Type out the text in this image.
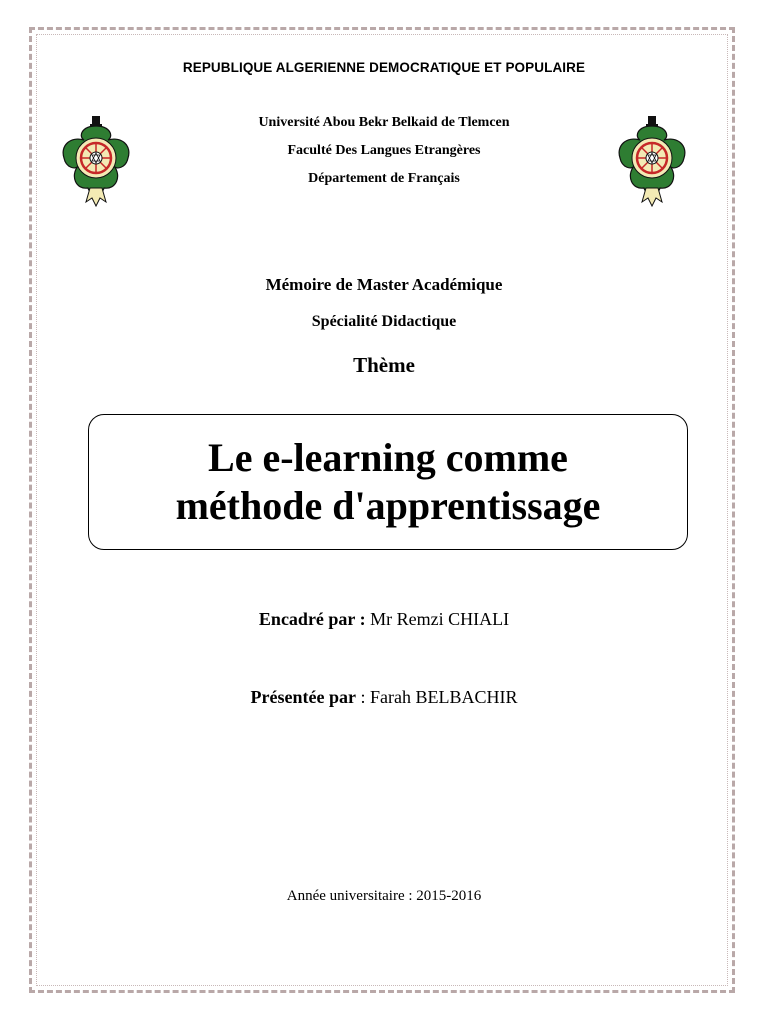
REPUBLIQUE ALGERIENNE DEMOCRATIQUE ET POPULAIRE
Université Abou Bekr Belkaid de Tlemcen
Faculté Des Langues Etrangères
Département de Français
Mémoire de Master Académique
Spécialité Didactique
Thème
Le e-learning comme
méthode d'apprentissage
Encadré par : Mr Remzi CHIALI
Présentée par : Farah BELBACHIR
Année universitaire : 2015-2016
